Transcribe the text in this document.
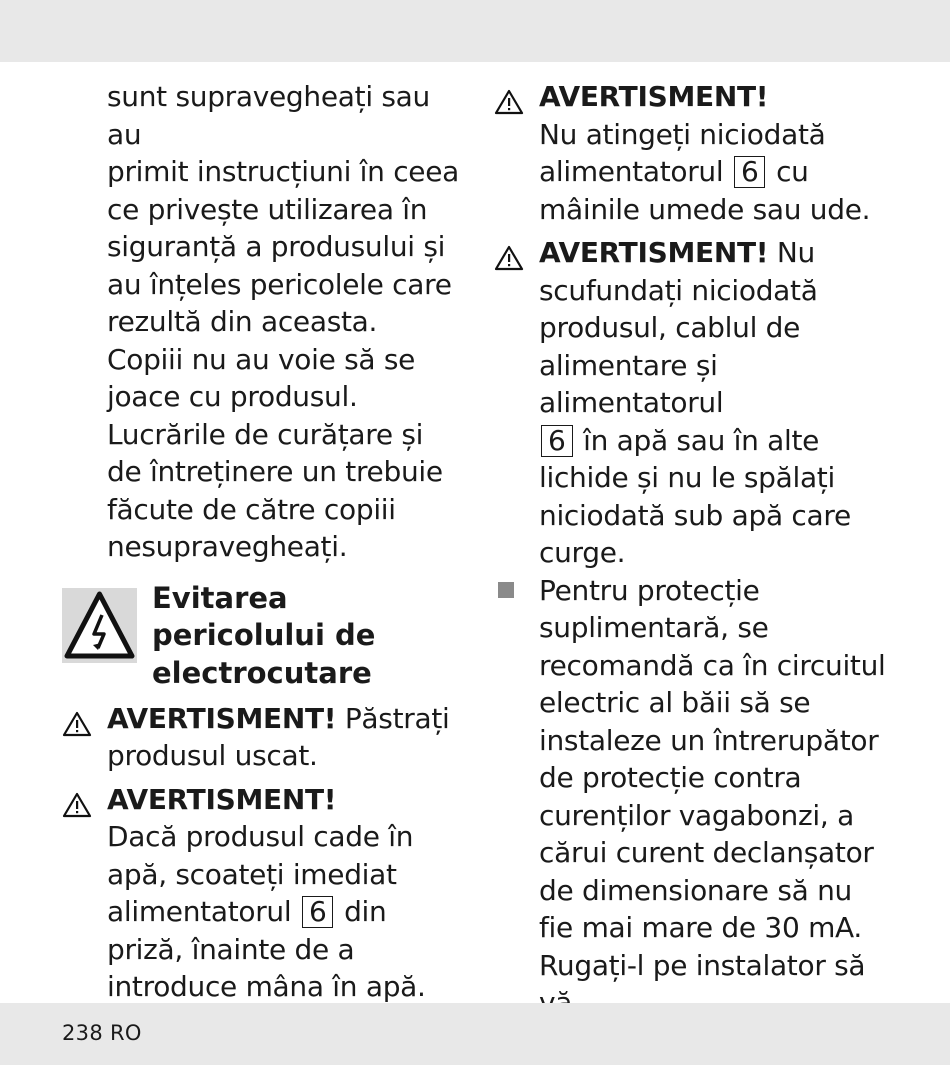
sunt supravegheați sau au
primit instrucțiuni în ceea
ce privește utilizarea în
siguranță a produsului și
au înțeles pericolele care
rezultă din aceasta.
Copiii nu au voie să se
joace cu produsul.
Lucrările de curățare și
de întreținere un trebuie
făcute de către copiii
nesupravegheați.
Evitarea
pericolului de
electrocutare
AVERTISMENT! Păstrați
produsul uscat.
AVERTISMENT!
Dacă produsul cade în
apă, scoateți imediat
alimentatorul 6 din
priză, înainte de a
introduce mâna în apă.
AVERTISMENT!
Nu atingeți niciodată
alimentatorul 6 cu
mâinile umede sau ude.
AVERTISMENT! Nu
scufundați niciodată
produsul, cablul de
alimentare și alimentatorul
6 în apă sau în alte
lichide și nu le spălați
niciodată sub apă care
curge.
Pentru protecție
suplimentară, se
recomandă ca în circuitul
electric al băii să se
instaleze un întrerupător
de protecție contra
curenților vagabonzi, a
cărui curent declanșator
de dimensionare să nu
fie mai mare de 30 mA.
Rugați-l pe instalator să
238 RO
